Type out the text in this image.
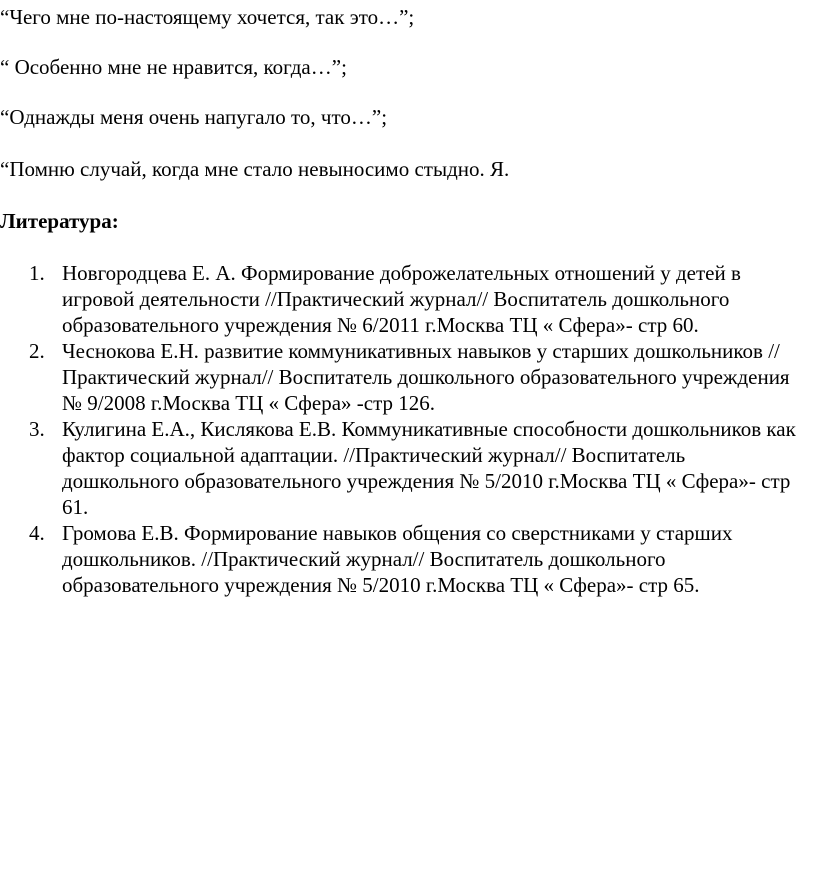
“Чего мне по-настоящему хочется, так это…”;

“ Особенно мне не нравится, когда…”;

“Однажды меня очень напугало то, что…”;

“Помню случай, когда мне стало невыносимо стыдно. Я.

Литература:
1. Новгородцева Е. А. Формирование доброжелательных отношений у детей в игровой деятельности //Практический журнал// Воспитатель дошкольного образовательного учреждения № 6/2011 г.Москва ТЦ « Сфера»- стр 60.
2. Чеснокова Е.Н. развитие коммуникативных навыков у старших дошкольников //Практический журнал// Воспитатель дошкольного образовательного учреждения № 9/2008 г.Москва ТЦ « Сфера» -стр 126.
3. Кулигина Е.А., Кислякова Е.В. Коммуникативные способности дошкольников как фактор социальной адаптации. //Практический журнал// Воспитатель дошкольного образовательного учреждения № 5/2010 г.Москва ТЦ « Сфера»- стр 61.
4. Громова Е.В. Формирование навыков общения со сверстниками у старших дошкольников. //Практический журнал// Воспитатель дошкольного образовательного учреждения № 5/2010 г.Москва ТЦ « Сфера»- стр 65.
